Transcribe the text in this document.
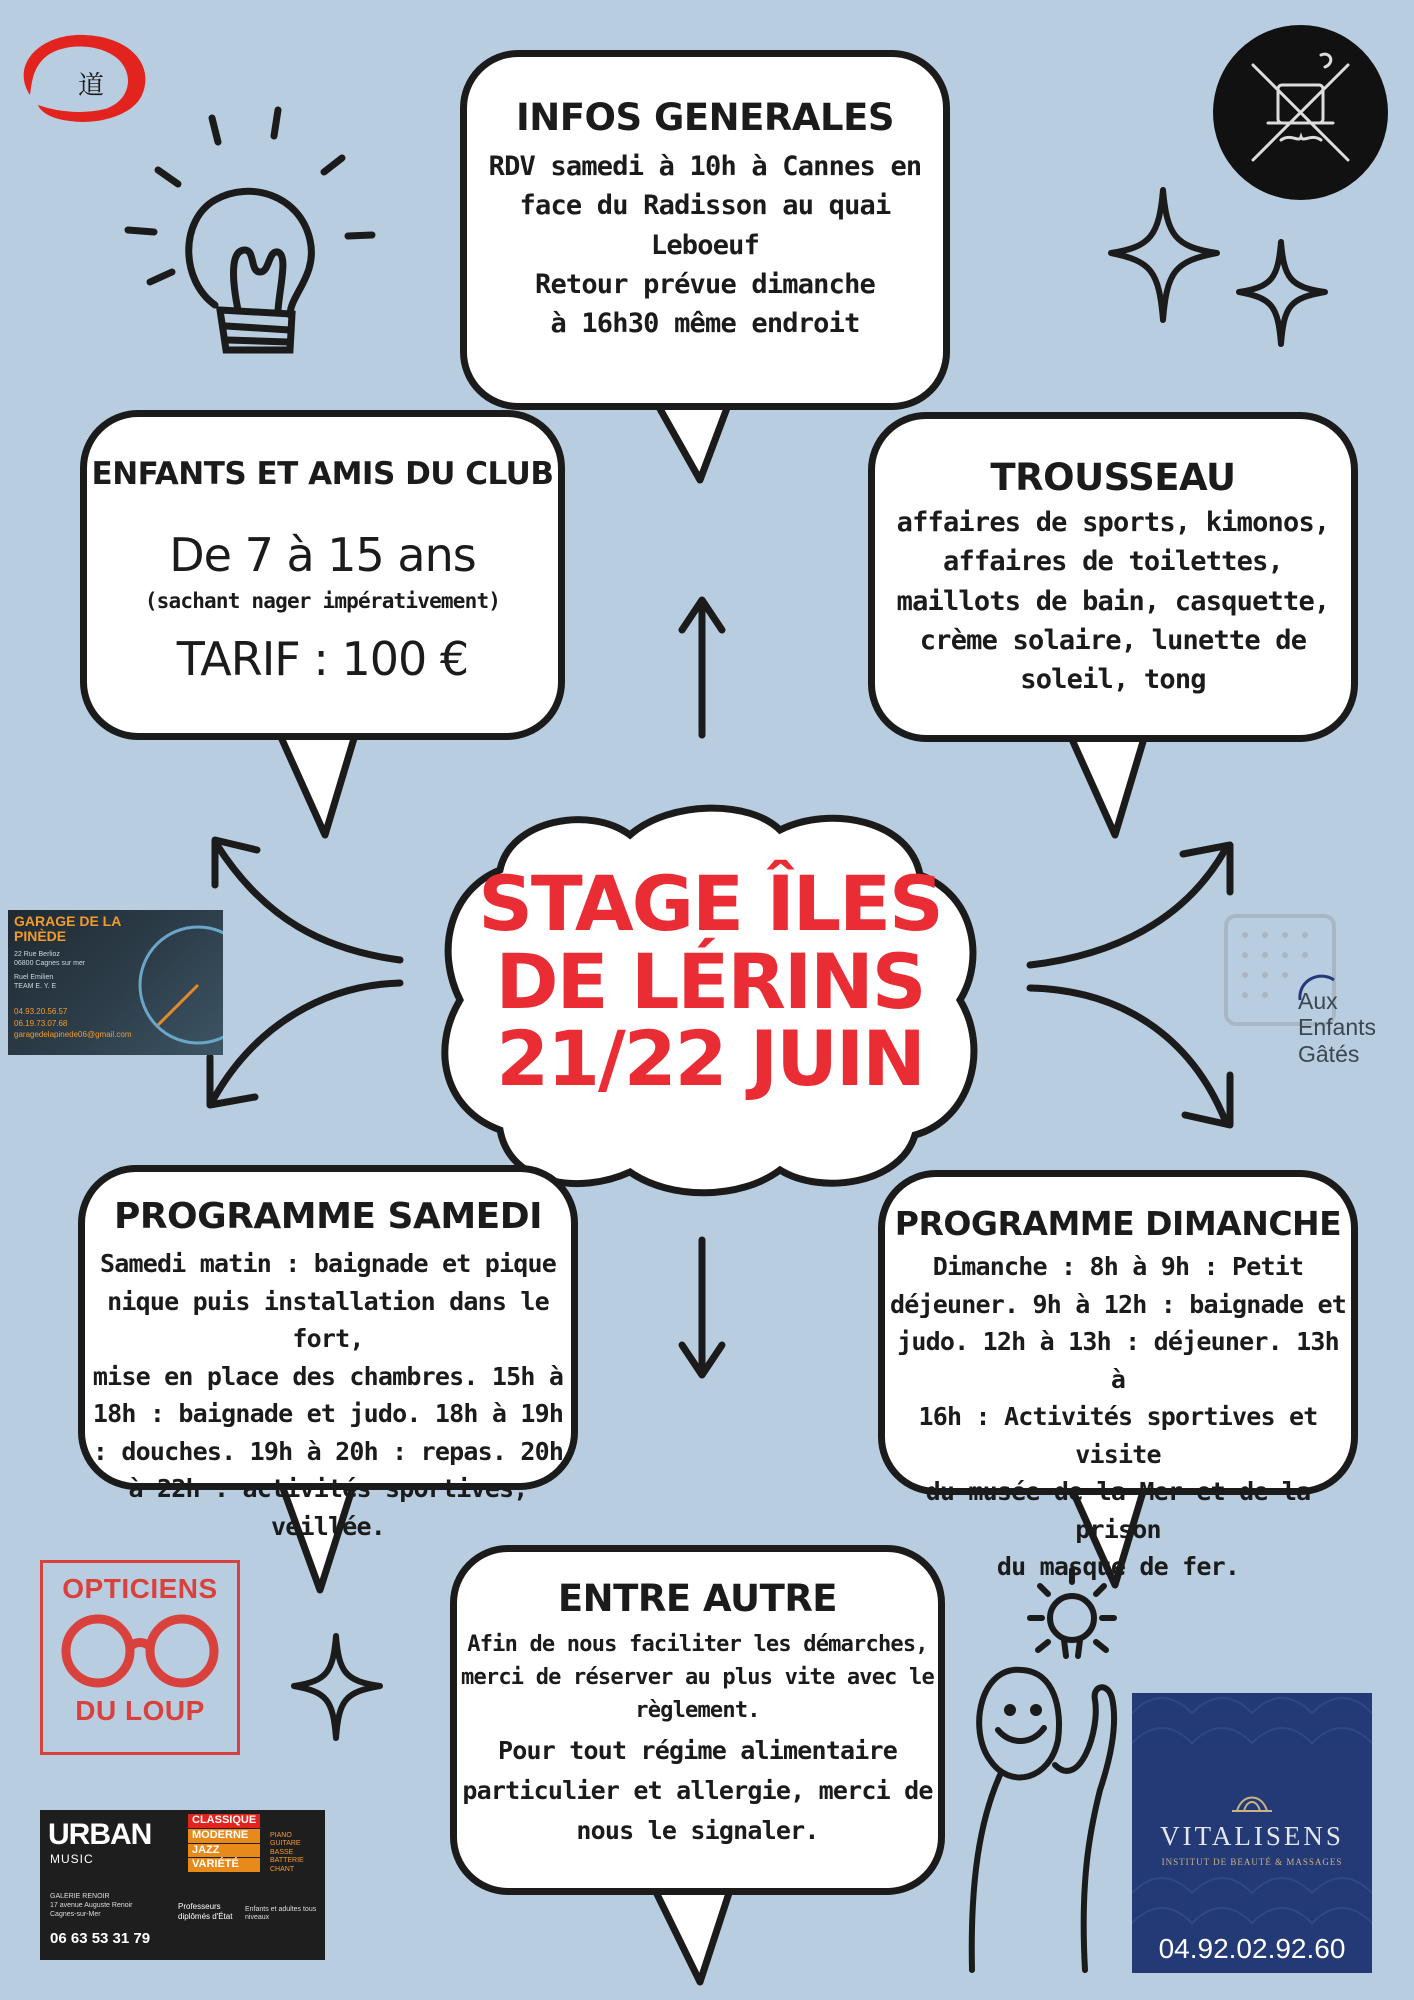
STAGE ÎLES

DE LÉRINS

21/22 JUIN

INFOS GENERALES

RDV samedi à 10h à Cannes en

face du Radisson au quai Leboeuf

Retour prévue dimanche

à 16h30 même endroit

ENFANTS ET AMIS DU CLUB

De 7 à 15 ans

(sachant nager impérativement)

TARIF : 100 €

TROUSSEAU

affaires de sports, kimonos,

affaires de toilettes,

maillots de bain, casquette,

crème solaire, lunette de

soleil, tong

PROGRAMME SAMEDI

Samedi matin : baignade et pique

nique puis installation dans le fort,

mise en place des chambres. 15h à

18h : baignade et judo. 18h à 19h

: douches. 19h à 20h : repas. 20h

à 22h : activités sportives, veillée.

PROGRAMME DIMANCHE

Dimanche : 8h à 9h : Petit

déjeuner. 9h à 12h : baignade et

judo. 12h à 13h : déjeuner. 13h à

16h : Activités sportives et visite

du musée de la Mer et de la prison

du masque de fer.

ENTRE AUTRE

Afin de nous faciliter les démarches,

merci de réserver au plus vite avec le

règlement.

Pour tout régime alimentaire

particulier et allergie, merci de

nous le signaler.

道
GARAGE DE LA
PINÈDE
22 Rue Berlioz
06800 Cagnes sur mer
Ruel Emilien
TEAM E. Y. E
04.93.20.56.57
06.19.73.07.68
garagedelapinede06@gmail.com
Aux
Enfants
Gâtés
OPTICIENS
DU LOUP
URBAN
MUSIC
CLASSIQUE
MODERNE
JAZZ
VARIÉTÉ
PIANO
GUITARE
BASSE
BATTERIE
CHANT
GALERIE RENOIR
17 avenue Auguste Renoir
Cagnes-sur-Mer
06 63 53 31 79
Professeurs diplômés d'État
Enfants et adultes tous niveaux
VITALISENS
INSTITUT DE BEAUTÉ & MASSAGES
04.92.02.92.60
